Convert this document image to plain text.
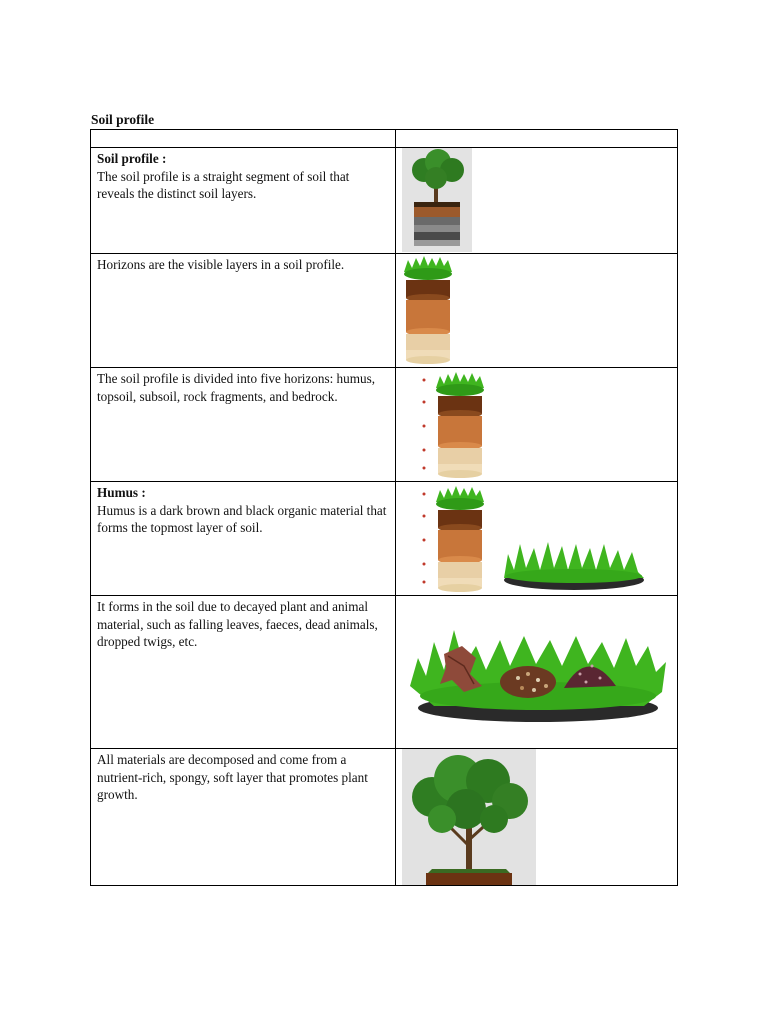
Soil profile

Soil profile :
The soil profile is a straight segment of soil that reveals the distinct soil layers.

Horizons are the visible layers in a soil profile.

The soil profile is divided into five horizons: humus, topsoil, subsoil, rock fragments, and bedrock.

Humus :
Humus is a dark brown and black organic material that forms the topmost layer of soil.

It forms in the soil due to decayed plant and animal material, such as falling leaves, faeces, dead animals, dropped twigs, etc.

All materials are decomposed and come from a nutrient-rich, spongy, soft layer that promotes plant growth.
